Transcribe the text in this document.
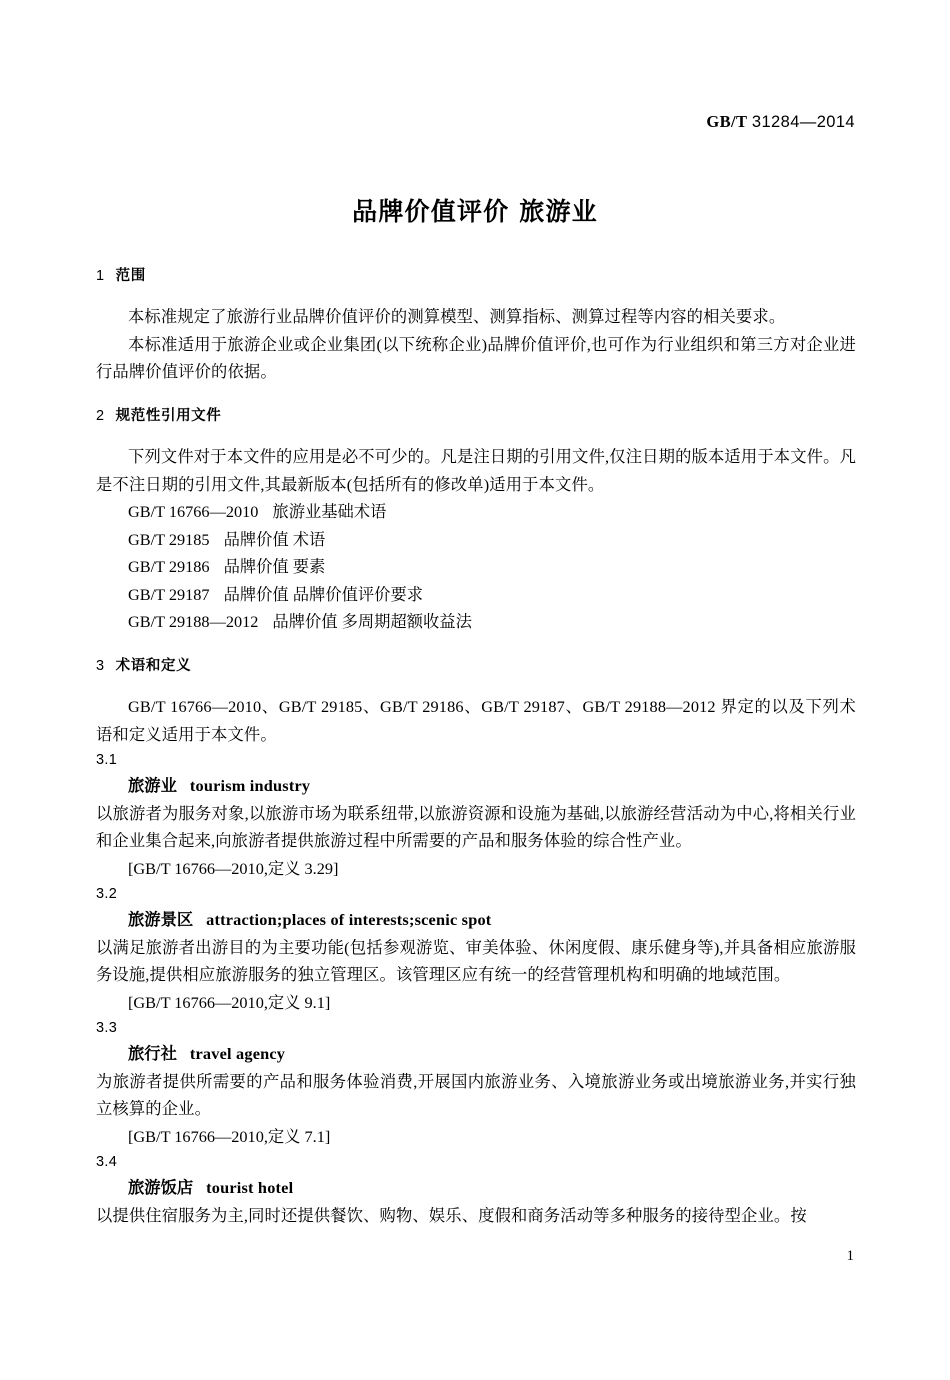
GB/T 31284—2014
品牌价值评价 旅游业
1 范围

本标准规定了旅游行业品牌价值评价的测算模型、测算指标、测算过程等内容的相关要求。

本标准适用于旅游企业或企业集团(以下统称企业)品牌价值评价,也可作为行业组织和第三方对企业进行品牌价值评价的依据。

2 规范性引用文件

下列文件对于本文件的应用是必不可少的。凡是注日期的引用文件,仅注日期的版本适用于本文件。凡是不注日期的引用文件,其最新版本(包括所有的修改单)适用于本文件。

GB/T 16766—2010 旅游业基础术语

GB/T 29185 品牌价值 术语

GB/T 29186 品牌价值 要素

GB/T 29187 品牌价值 品牌价值评价要求

GB/T 29188—2012 品牌价值 多周期超额收益法

3 术语和定义

GB/T 16766—2010、GB/T 29185、GB/T 29186、GB/T 29187、GB/T 29188—2012 界定的以及下列术语和定义适用于本文件。

3.1

旅游业 tourism industry

以旅游者为服务对象,以旅游市场为联系纽带,以旅游资源和设施为基础,以旅游经营活动为中心,将相关行业和企业集合起来,向旅游者提供旅游过程中所需要的产品和服务体验的综合性产业。

[GB/T 16766—2010,定义 3.29]

3.2

旅游景区 attraction;places of interests;scenic spot

以满足旅游者出游目的为主要功能(包括参观游览、审美体验、休闲度假、康乐健身等),并具备相应旅游服务设施,提供相应旅游服务的独立管理区。该管理区应有统一的经营管理机构和明确的地域范围。

[GB/T 16766—2010,定义 9.1]

3.3

旅行社 travel agency

为旅游者提供所需要的产品和服务体验消费,开展国内旅游业务、入境旅游业务或出境旅游业务,并实行独立核算的企业。

[GB/T 16766—2010,定义 7.1]

3.4

旅游饭店 tourist hotel

以提供住宿服务为主,同时还提供餐饮、购物、娱乐、度假和商务活动等多种服务的接待型企业。按

1
